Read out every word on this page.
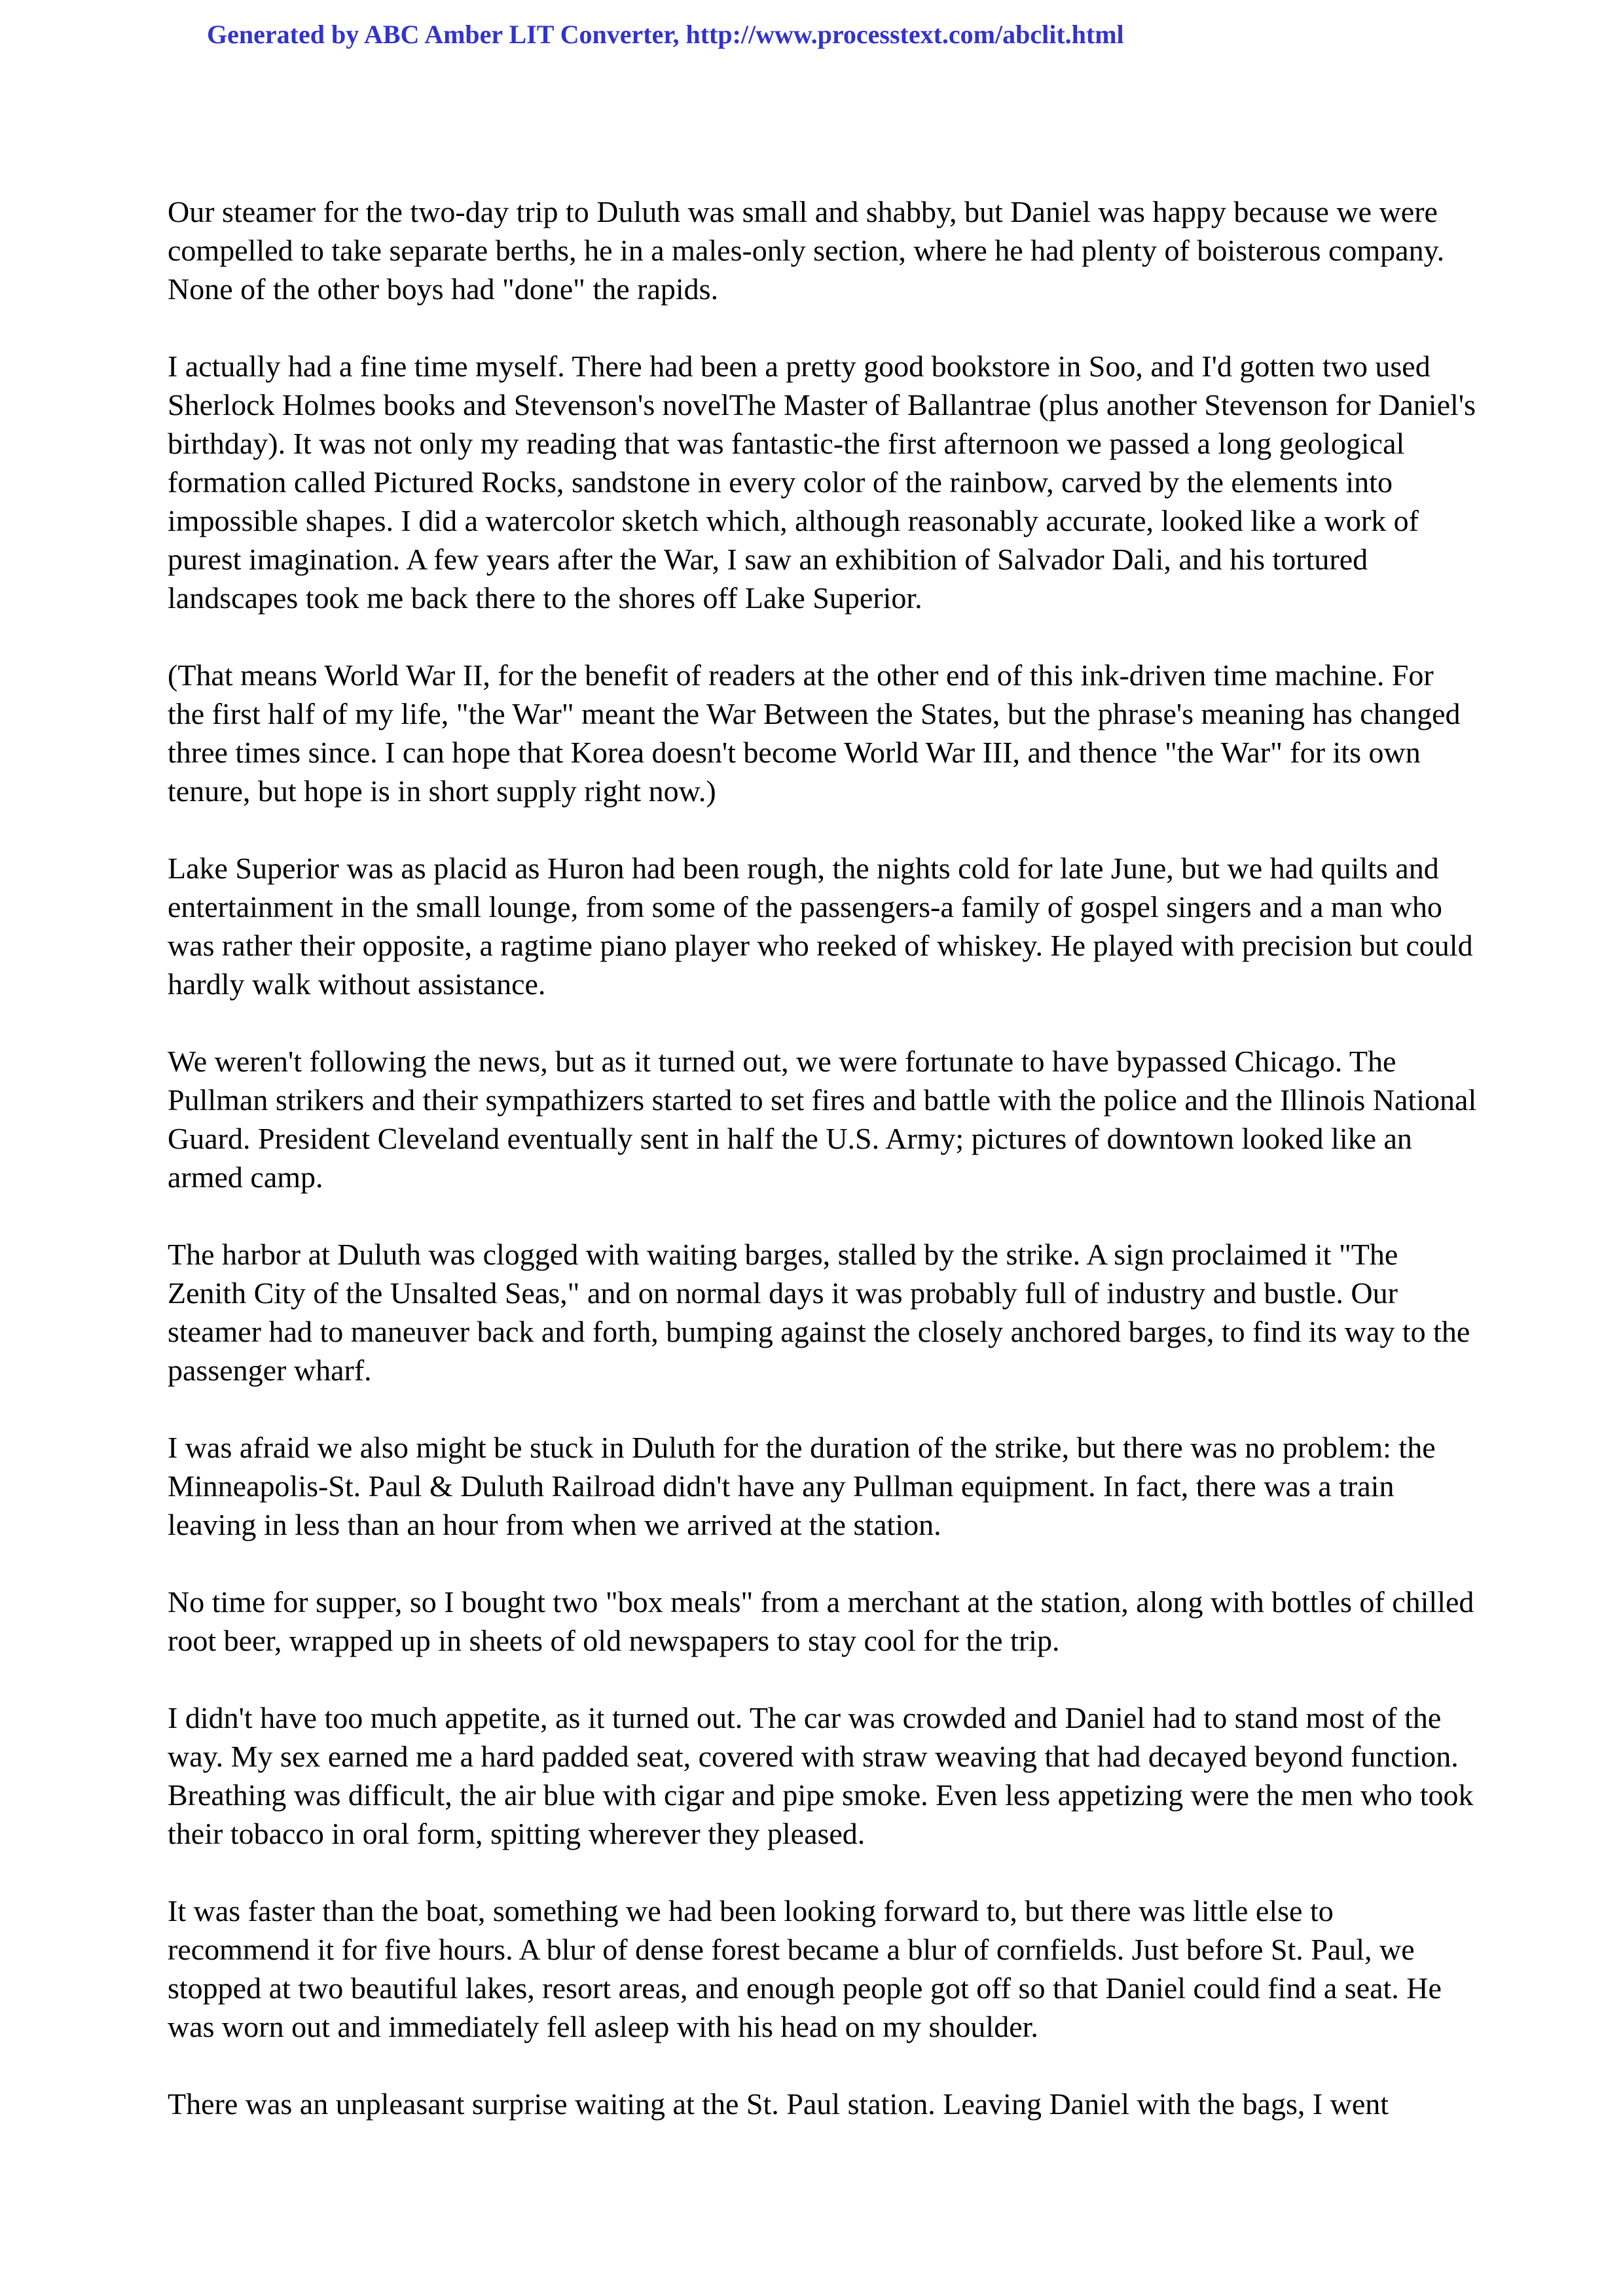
Generated by ABC Amber LIT Converter, http://www.processtext.com/abclit.html

Our steamer for the two-day trip to Duluth was small and shabby, but Daniel was happy because we were compelled to take separate berths, he in a males-only section, where he had plenty of boisterous company. None of the other boys had "done" the rapids.

I actually had a fine time myself. There had been a pretty good bookstore in Soo, and I'd gotten two used Sherlock Holmes books and Stevenson's novelThe Master of Ballantrae (plus another Stevenson for Daniel's birthday). It was not only my reading that was fantastic-the first afternoon we passed a long geological formation called Pictured Rocks, sandstone in every color of the rainbow, carved by the elements into impossible shapes. I did a watercolor sketch which, although reasonably accurate, looked like a work of purest imagination. A few years after the War, I saw an exhibition of Salvador Dali, and his tortured landscapes took me back there to the shores off Lake Superior.

(That means World War II, for the benefit of readers at the other end of this ink-driven time machine. For the first half of my life, "the War" meant the War Between the States, but the phrase's meaning has changed three times since. I can hope that Korea doesn't become World War III, and thence "the War" for its own tenure, but hope is in short supply right now.)

Lake Superior was as placid as Huron had been rough, the nights cold for late June, but we had quilts and entertainment in the small lounge, from some of the passengers-a family of gospel singers and a man who was rather their opposite, a ragtime piano player who reeked of whiskey. He played with precision but could hardly walk without assistance.

We weren't following the news, but as it turned out, we were fortunate to have bypassed Chicago. The Pullman strikers and their sympathizers started to set fires and battle with the police and the Illinois National Guard. President Cleveland eventually sent in half the U.S. Army; pictures of downtown looked like an armed camp.

The harbor at Duluth was clogged with waiting barges, stalled by the strike. A sign proclaimed it "The Zenith City of the Unsalted Seas," and on normal days it was probably full of industry and bustle. Our steamer had to maneuver back and forth, bumping against the closely anchored barges, to find its way to the passenger wharf.

I was afraid we also might be stuck in Duluth for the duration of the strike, but there was no problem: the Minneapolis-St. Paul & Duluth Railroad didn't have any Pullman equipment. In fact, there was a train leaving in less than an hour from when we arrived at the station.

No time for supper, so I bought two "box meals" from a merchant at the station, along with bottles of chilled root beer, wrapped up in sheets of old newspapers to stay cool for the trip.

I didn't have too much appetite, as it turned out. The car was crowded and Daniel had to stand most of the way. My sex earned me a hard padded seat, covered with straw weaving that had decayed beyond function. Breathing was difficult, the air blue with cigar and pipe smoke. Even less appetizing were the men who took their tobacco in oral form, spitting wherever they pleased.

It was faster than the boat, something we had been looking forward to, but there was little else to recommend it for five hours. A blur of dense forest became a blur of cornfields. Just before St. Paul, we stopped at two beautiful lakes, resort areas, and enough people got off so that Daniel could find a seat. He was worn out and immediately fell asleep with his head on my shoulder.

There was an unpleasant surprise waiting at the St. Paul station. Leaving Daniel with the bags, I went
